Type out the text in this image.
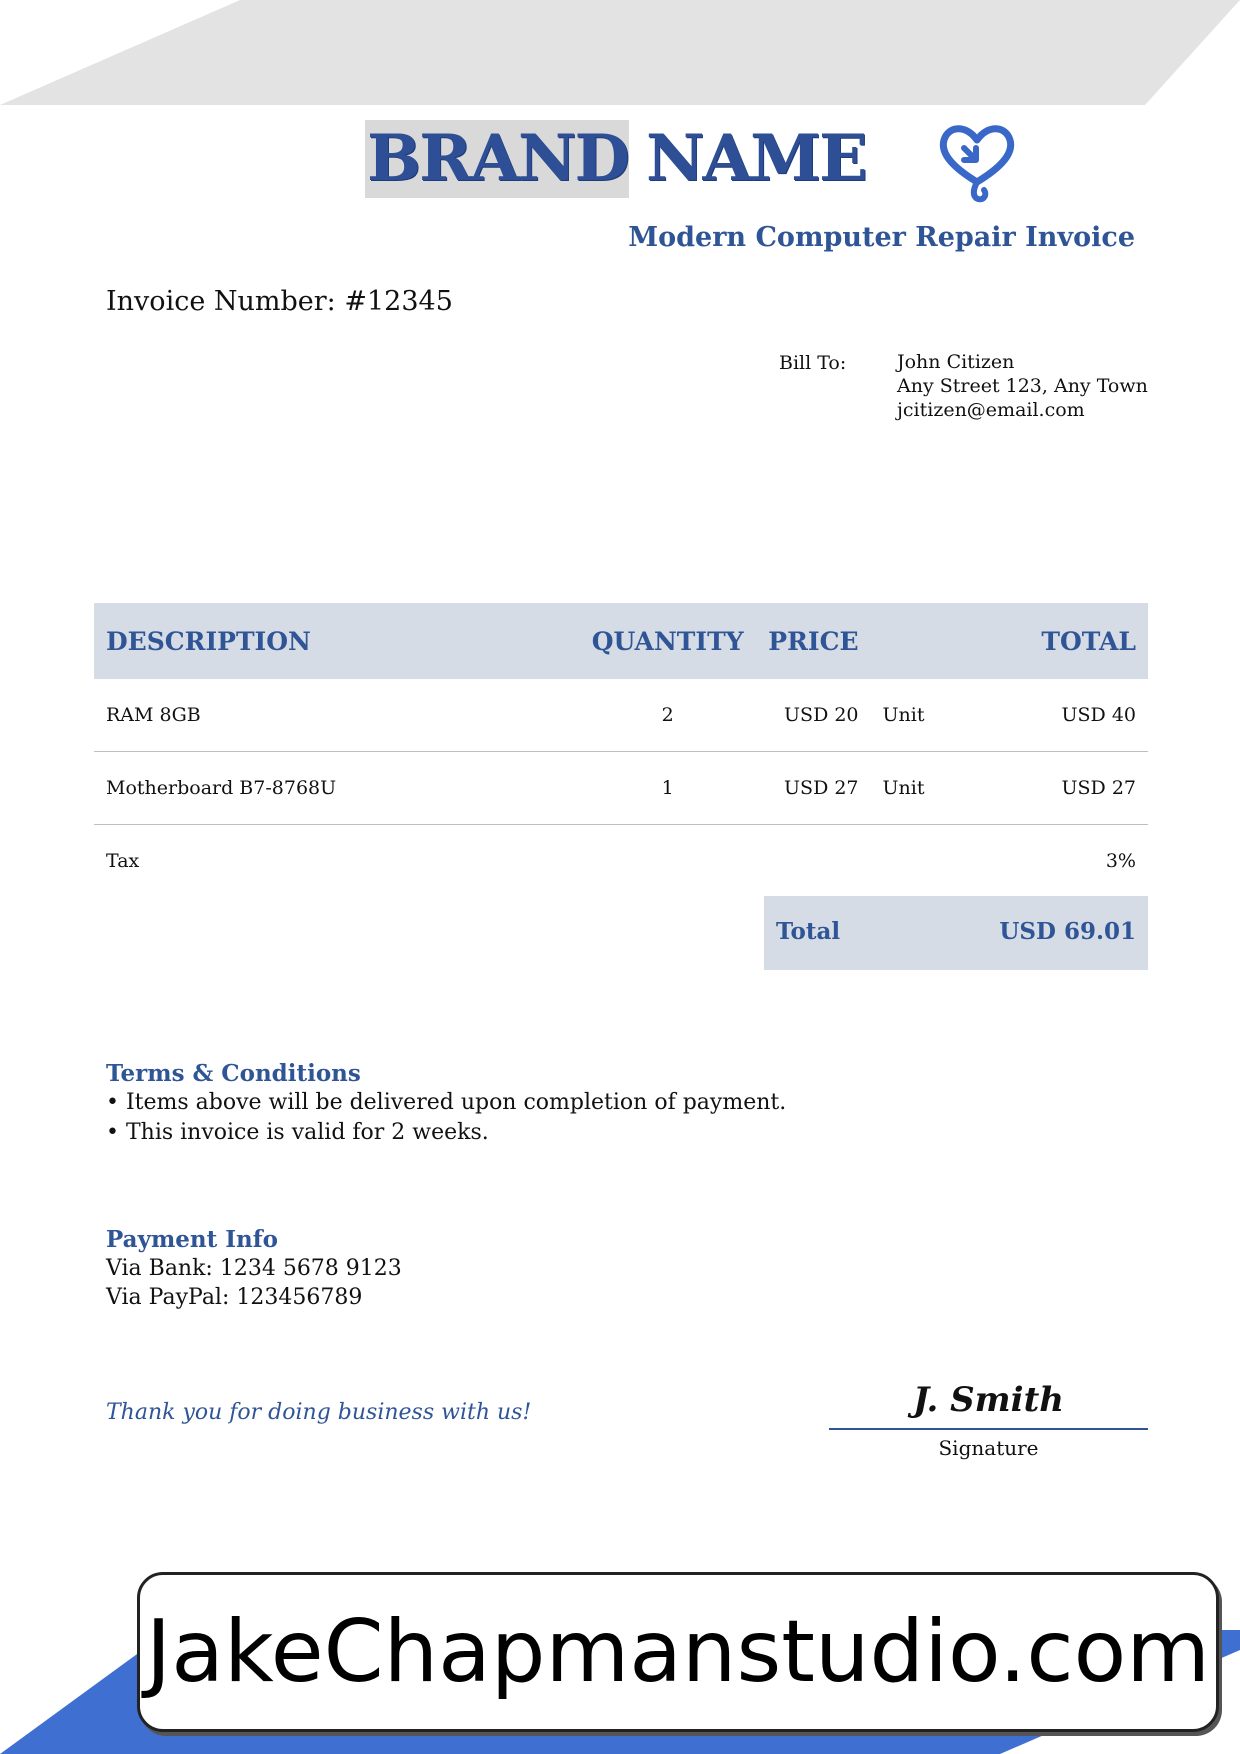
BRAND NAME
Modern Computer Repair Invoice
Invoice Number: #12345
Bill To:	John Citizen
Any Street 123, Any Town
jcitizen@email.com
DESCRIPTION	QUANTITY	PRICE		TOTAL
RAM 8GB	2	USD 20	Unit	USD 40
Motherboard B7-8768U	1	USD 27	Unit	USD 27
Tax				3%
Total	USD 69.01
Terms & Conditions
• Items above will be delivered upon completion of payment.
• This invoice is valid for 2 weeks.
Payment Info
Via Bank: 1234 5678 9123
Via PayPal: 123456789
Thank you for doing business with us!	J. Smith
Signature
JakeChapmanstudio.com
